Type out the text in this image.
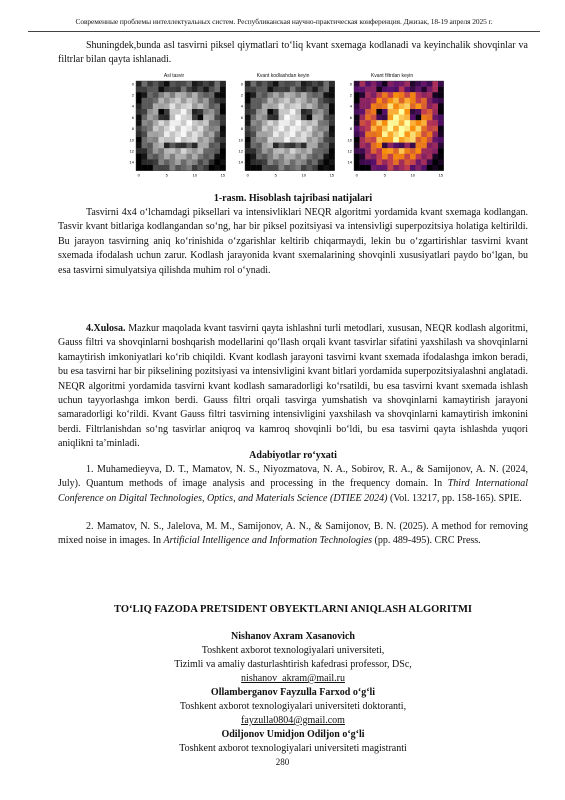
Современные проблемы интеллектуальных систем. Республиканская научно-практическая конференция. Джизак, 18-19 апреля 2025 г.

Shuningdek,bunda asl tasvirni piksel qiymatlari to‘liq kvant sxemaga kodlanadi va keyinchalik shovqinlar va filtrlar bilan qayta ishlanadi.

Asl tasvir
0
2
4
6
8
10
12
14
0	5	10	15
Kvant kodlashdan keyin
0
2
4
6
8
10
12
14
0	5	10	15
Kvant filtrdan keyin
0
2
4
6
8
10
12
14
0	5	10	15
1-rasm. Hisoblash tajribasi natijalari

Tasvirni 4x4 o‘lchamdagi piksellari va intensivliklari NEQR algoritmi yordamida kvant sxemaga kodlangan. Tasvir kvant bitlariga kodlangandan so‘ng, har bir piksel pozitsiyasi va intensivligi superpozitsiya holatiga keltirildi. Bu jarayon tasvirning aniq ko‘rinishida o‘zgarishlar keltirib chiqarmaydi, lekin bu o‘zgartirishlar tasvirni kvant sxemada ifodalash uchun zarur. Kodlash jarayonida kvant sxemalarining shovqinli xususiyatlari paydo bo‘lgan, bu esa tasvirni simulyatsiya qilishda muhim rol o‘ynadi.

4.Xulosa. Mazkur maqolada kvant tasvirni qayta ishlashni turli metodlari, xususan, NEQR kodlash algoritmi, Gauss filtri va shovqinlarni boshqarish modellarini qo‘llash orqali kvant tasvirlar sifatini yaxshilash va shovqinlarni kamaytirish imkoniyatlari ko‘rib chiqildi. Kvant kodlash jarayoni tasvirni kvant sxemada ifodalashga imkon beradi, bu esa tasvirni har bir pikselining pozitsiyasi va intensivligini kvant bitlari yordamida superpozitsiyalashni anglatadi. NEQR algoritmi yordamida tasvirni kvant kodlash samaradorligi ko‘rsatildi, bu esa tasvirni kvant sxemada ishlash uchun tayyorlashga imkon berdi. Gauss filtri orqali tasvirga yumshatish va shovqinlarni kamaytirish jarayoni samaradorligi ko‘rildi. Kvant Gauss filtri tasvirning intensivligini yaxshilash va shovqinlarni kamaytirish imkonini berdi. Filtrlanishdan so‘ng tasvirlar aniqroq va kamroq shovqinli bo‘ldi, bu esa tasvirni qayta ishlashda yuqori aniqlikni ta’minladi.

Adabiyotlar ro‘yxati

1. Muhamedieyva, D. T., Mamatov, N. S., Niyozmatova, N. A., Sobirov, R. A., & Samijonov, A. N. (2024, July). Quantum methods of image analysis and processing in the frequency domain. In Third International Conference on Digital Technologies, Optics, and Materials Science (DTIEE 2024) (Vol. 13217, pp. 158-165). SPIE.

2. Mamatov, N. S., Jalelova, M. M., Samijonov, A. N., & Samijonov, B. N. (2025). A method for removing mixed noise in images. In Artificial Intelligence and Information Technologies (pp. 489-495). CRC Press.

TO‘LIQ FAZODA PRETSIDENT OBYEKTLARNI ANIQLASH ALGORITMI
Nishanov Axram Xasanovich
Toshkent axborot texnologiyalari universiteti,
Tizimli va amaliy dasturlashtirish kafedrasi professor, DSc,
nishanov_akram@mail.ru
Ollamberganov Fayzulla Farxod o‘g‘li
Toshkent axborot texnologiyalari universiteti doktoranti,
fayzulla0804@gmail.com
Odiljonov Umidjon Odiljon o‘g‘li
Toshkent axborot texnologiyalari universiteti magistranti
280
